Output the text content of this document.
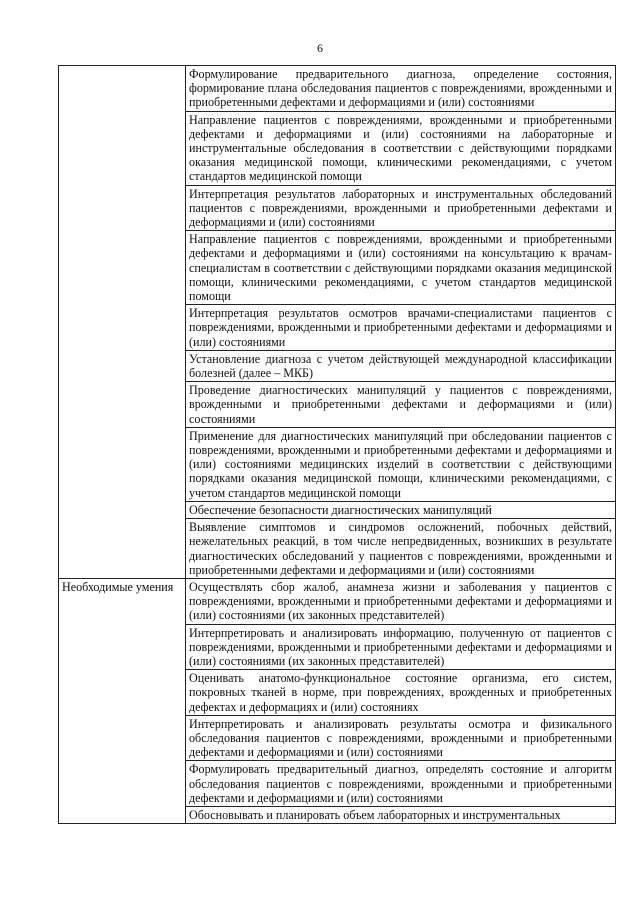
6
	Формулирование предварительного диагноза, определение состояния, формирование плана обследования пациентов с повреждениями, врожденными и приобретенными дефектами и деформациями и (или) состояниями
	Направление пациентов с повреждениями, врожденными и приобретенными дефектами и деформациями и (или) состояниями на лабораторные и инструментальные обследования в соответствии с действующими порядками оказания медицинской помощи, клиническими рекомендациями, с учетом стандартов медицинской помощи
	Интерпретация результатов лабораторных и инструментальных обследований пациентов с повреждениями, врожденными и приобретенными дефектами и деформациями и (или) состояниями
	Направление пациентов с повреждениями, врожденными и приобретенными дефектами и деформациями и (или) состояниями на консультацию к врачам-специалистам в соответствии с действующими порядками оказания медицинской помощи, клиническими рекомендациями, с учетом стандартов медицинской помощи
	Интерпретация результатов осмотров врачами-специалистами пациентов с повреждениями, врожденными и приобретенными дефектами и деформациями и (или) состояниями
	Установление диагноза с учетом действующей международной классификации болезней (далее – МКБ)
	Проведение диагностических манипуляций у пациентов с повреждениями, врожденными и приобретенными дефектами и деформациями и (или) состояниями
	Применение для диагностических манипуляций при обследовании пациентов с повреждениями, врожденными и приобретенными дефектами и деформациями и (или) состояниями медицинских изделий в соответствии с действующими порядками оказания медицинской помощи, клиническими рекомендациями, с учетом стандартов медицинской помощи
	Обеспечение безопасности диагностических манипуляций
	Выявление симптомов и синдромов осложнений, побочных действий, нежелательных реакций, в том числе непредвиденных, возникших в результате диагностических обследований у пациентов с повреждениями, врожденными и приобретенными дефектами и деформациями и (или) состояниями
Необходимые умения	Осуществлять сбор жалоб, анамнеза жизни и заболевания у пациентов с повреждениями, врожденными и приобретенными дефектами и деформациями и (или) состояниями (их законных представителей)
	Интерпретировать и анализировать информацию, полученную от пациентов с повреждениями, врожденными и приобретенными дефектами и деформациями и (или) состояниями (их законных представителей)
	Оценивать анатомо-функциональное состояние организма, его систем, покровных тканей в норме, при повреждениях, врожденных и приобретенных дефектах и деформациях и (или) состояниях
	Интерпретировать и анализировать результаты осмотра и физикального обследования пациентов с повреждениями, врожденными и приобретенными дефектами и деформациями и (или) состояниями
	Формулировать предварительный диагноз, определять состояние и алгоритм обследования пациентов с повреждениями, врожденными и приобретенными дефектами и деформациями и (или) состояниями
	Обосновывать и планировать объем лабораторных и инструментальных
